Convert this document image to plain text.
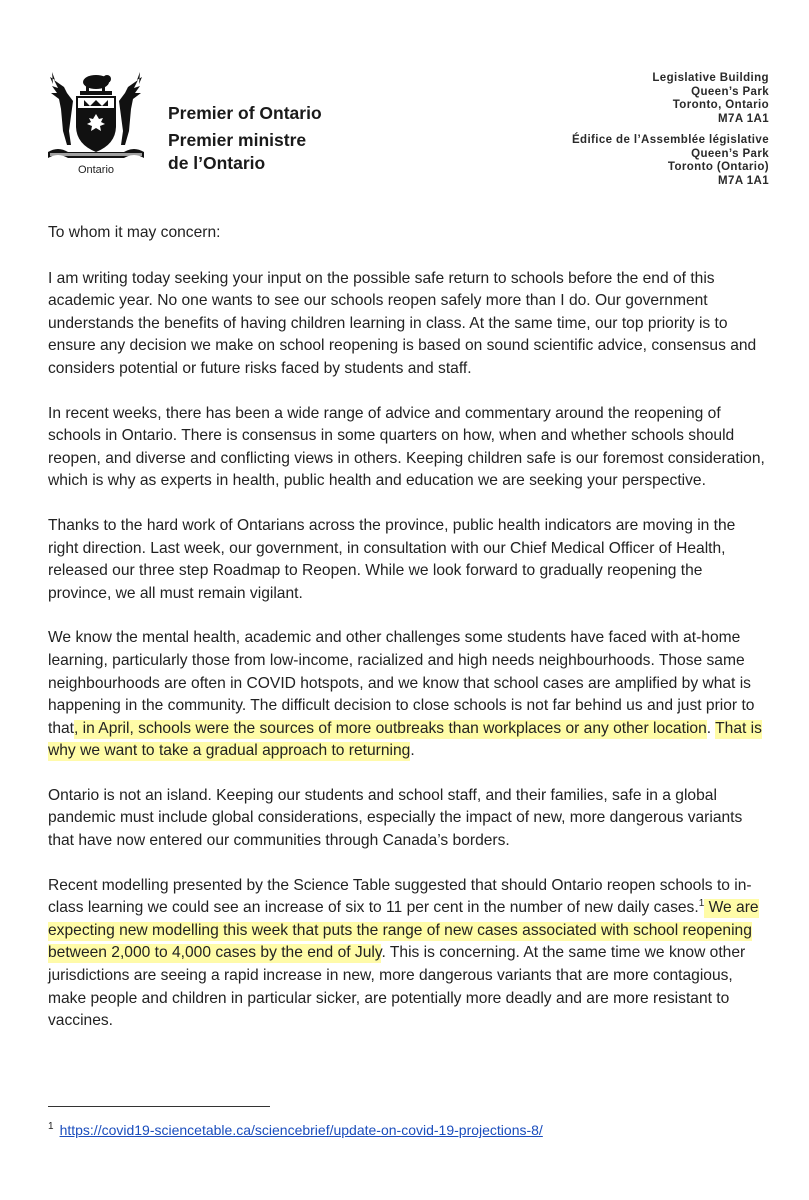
Ontario
Premier of Ontario
Premier ministre
de l’Ontario
Legislative Building
Queen’s Park
Toronto, Ontario
M7A 1A1
Édifice de l’Assemblée législative
Queen’s Park
Toronto (Ontario)
M7A 1A1

To whom it may concern:

I am writing today seeking your input on the possible safe return to schools before the end of this academic year. No one wants to see our schools reopen safely more than I do. Our government understands the benefits of having children learning in class. At the same time, our top priority is to ensure any decision we make on school reopening is based on sound scientific advice, consensus and considers potential or future risks faced by students and staff.

In recent weeks, there has been a wide range of advice and commentary around the reopening of schools in Ontario. There is consensus in some quarters on how, when and whether schools should reopen, and diverse and conflicting views in others. Keeping children safe is our foremost consideration, which is why as experts in health, public health and education we are seeking your perspective.

Thanks to the hard work of Ontarians across the province, public health indicators are moving in the right direction. Last week, our government, in consultation with our Chief Medical Officer of Health, released our three step Roadmap to Reopen. While we look forward to gradually reopening the province, we all must remain vigilant.

We know the mental health, academic and other challenges some students have faced with at-home learning, particularly those from low-income, racialized and high needs neighbourhoods. Those same neighbourhoods are often in COVID hotspots, and we know that school cases are amplified by what is happening in the community. The difficult decision to close schools is not far behind us and just prior to that, in April, schools were the sources of more outbreaks than workplaces or any other location. That is why we want to take a gradual approach to returning.

Ontario is not an island. Keeping our students and school staff, and their families, safe in a global pandemic must include global considerations, especially the impact of new, more dangerous variants that have now entered our communities through Canada’s borders.

Recent modelling presented by the Science Table suggested that should Ontario reopen schools to in-class learning we could see an increase of six to 11 per cent in the number of new daily cases.$^1$ We are expecting new modelling this week that puts the range of new cases associated with school reopening between 2,000 to 4,000 cases by the end of July. This is concerning. At the same time we know other jurisdictions are seeing a rapid increase in new, more dangerous variants that are more contagious, make people and children in particular sicker, are potentially more deadly and are more resistant to vaccines.

$^1$ https://covid19-sciencetable.ca/sciencebrief/update-on-covid-19-projections-8/
